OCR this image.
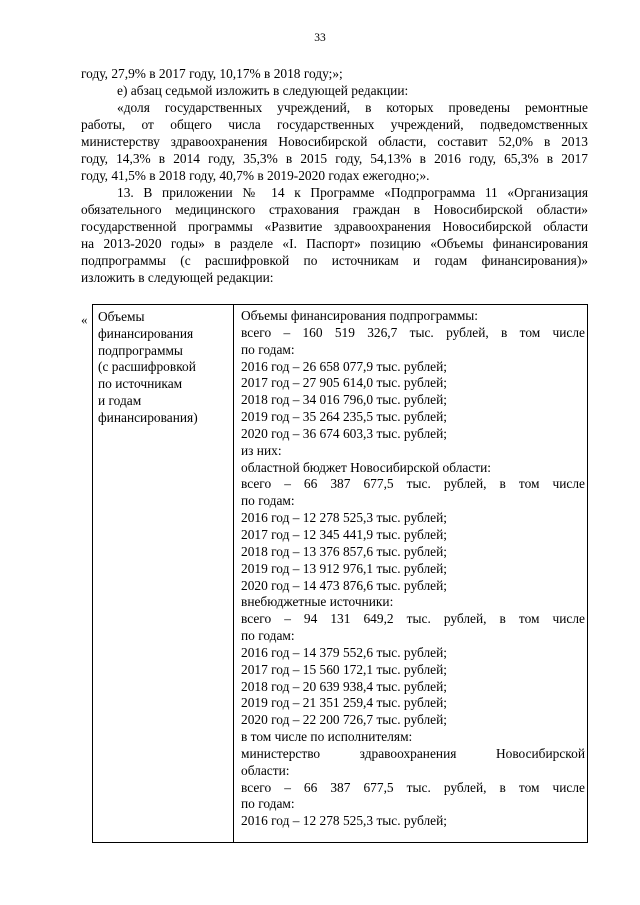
33
году, 27,9% в 2017 году, 10,17% в 2018 году;»;
е) абзац седьмой изложить в следующей редакции:
«доля государственных учреждений, в которых проведены ремонтные
работы, от общего числа государственных учреждений, подведомственных
министерству здравоохранения Новосибирской области, составит 52,0% в 2013
году, 14,3% в 2014 году, 35,3% в 2015 году, 54,13% в 2016 году, 65,3% в 2017
году, 41,5% в 2018 году, 40,7% в 2019-2020 годах ежегодно;».
13. В приложении № 14 к Программе «Подпрограмма 11 «Организация
обязательного медицинского страхования граждан в Новосибирской области»
государственной программы «Развитие здравоохранения Новосибирской области
на 2013-2020 годы» в разделе «I. Паспорт» позицию «Объемы финансирования
подпрограммы (с расшифровкой по источникам и годам финансирования)»
изложить в следующей редакции:
« Объемы
финансирования
подпрограммы
(с расшифровкой
по источникам
и годам
финансирования)
Объемы финансирования подпрограммы:
всего – 160 519 326,7 тыс. рублей, в том числе
по годам:
2016 год – 26 658 077,9 тыс. рублей;
2017 год – 27 905 614,0 тыс. рублей;
2018 год – 34 016 796,0 тыс. рублей;
2019 год – 35 264 235,5 тыс. рублей;
2020 год – 36 674 603,3 тыс. рублей;
из них:
областной бюджет Новосибирской области:
всего – 66 387 677,5 тыс. рублей, в том числе
по годам:
2016 год – 12 278 525,3 тыс. рублей;
2017 год – 12 345 441,9 тыс. рублей;
2018 год – 13 376 857,6 тыс. рублей;
2019 год – 13 912 976,1 тыс. рублей;
2020 год – 14 473 876,6 тыс. рублей;
внебюджетные источники:
всего – 94 131 649,2 тыс. рублей, в том числе
по годам:
2016 год – 14 379 552,6 тыс. рублей;
2017 год – 15 560 172,1 тыс. рублей;
2018 год – 20 639 938,4 тыс. рублей;
2019 год – 21 351 259,4 тыс. рублей;
2020 год – 22 200 726,7 тыс. рублей;
в том числе по исполнителям:
министерство здравоохранения Новосибирской
области:
всего – 66 387 677,5 тыс. рублей, в том числе
по годам:
2016 год – 12 278 525,3 тыс. рублей;
